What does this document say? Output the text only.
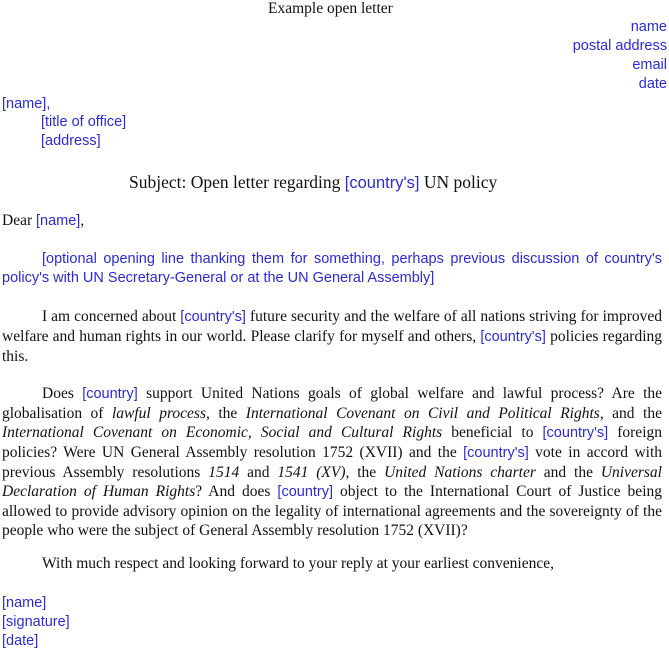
Example open letter
name
postal address
email
date
[name],
[title of office]
[address]
Subject: Open letter regarding [country's] UN policy
Dear [name],
[optional opening line thanking them for something, perhaps previous discussion of country's policy's with UN Secretary-General or at the UN General Assembly]
I am concerned about [country's] future security and the welfare of all nations striving for improved welfare and human rights in our world. Please clarify for myself and others, [country's] policies regarding this.
Does [country] support United Nations goals of global welfare and lawful process? Are the globalisation of lawful process, the International Covenant on Civil and Political Rights, and the International Covenant on Economic, Social and Cultural Rights beneficial to [country's] foreign policies? Were UN General Assembly resolution 1752 (XVII) and the [country's] vote in accord with previous Assembly resolutions 1514 and 1541 (XV), the United Nations charter and the Universal Declaration of Human Rights? And does [country] object to the International Court of Justice being allowed to provide advisory opinion on the legality of international agreements and the sovereignty of the people who were the subject of General Assembly resolution 1752 (XVII)?
With much respect and looking forward to your reply at your earliest convenience,
[name]
[signature]
[date]
